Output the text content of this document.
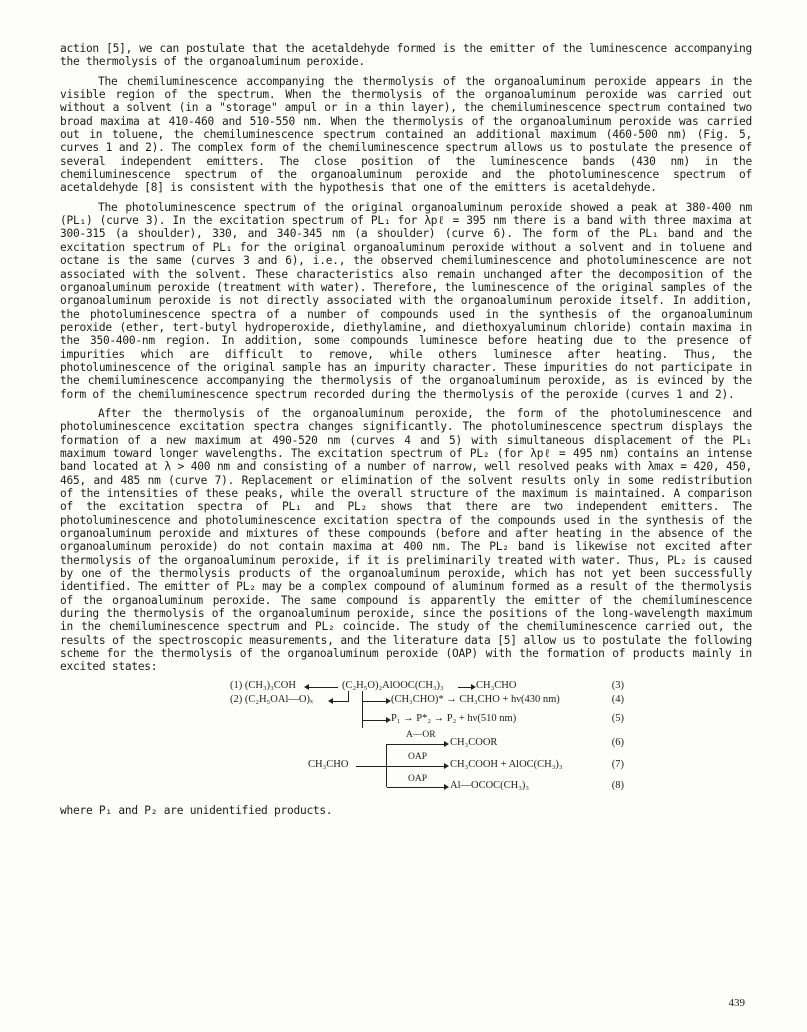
action [5], we can postulate that the acetaldehyde formed is the emitter of the luminescence accompanying the thermolysis of the organoaluminum peroxide.

The chemiluminescence accompanying the thermolysis of the organoaluminum peroxide appears in the visible region of the spectrum. When the thermolysis of the organoaluminum peroxide was carried out without a solvent (in a "storage" ampul or in a thin layer), the chemiluminescence spectrum contained two broad maxima at 410-460 and 510-550 nm. When the thermolysis of the organoaluminum peroxide was carried out in toluene, the chemiluminescence spectrum contained an additional maximum (460-500 nm) (Fig. 5, curves 1 and 2). The complex form of the chemiluminescence spectrum allows us to postulate the presence of several independent emitters. The close position of the luminescence bands (430 nm) in the chemiluminescence spectrum of the organoaluminum peroxide and the photoluminescence spectrum of acetaldehyde [8] is consistent with the hypothesis that one of the emitters is acetaldehyde.

The photoluminescence spectrum of the original organoaluminum peroxide showed a peak at 380-400 nm (PL₁) (curve 3). In the excitation spectrum of PL₁ for λpℓ = 395 nm there is a band with three maxima at 300-315 (a shoulder), 330, and 340-345 nm (a shoulder) (curve 6). The form of the PL₁ band and the excitation spectrum of PL₁ for the original organoaluminum peroxide without a solvent and in toluene and octane is the same (curves 3 and 6), i.e., the observed chemiluminescence and photoluminescence are not associated with the solvent. These characteristics also remain unchanged after the decomposition of the organoaluminum peroxide (treatment with water). Therefore, the luminescence of the original samples of the organoaluminum peroxide is not directly associated with the organoaluminum peroxide itself. In addition, the photoluminescence spectra of a number of compounds used in the synthesis of the organoaluminum peroxide (ether, tert-butyl hydroperoxide, diethylamine, and diethoxyaluminum chloride) contain maxima in the 350-400-nm region. In addition, some compounds luminesce before heating due to the presence of impurities which are difficult to remove, while others luminesce after heating. Thus, the photoluminescence of the original sample has an impurity character. These impurities do not participate in the chemiluminescence accompanying the thermolysis of the organoaluminum peroxide, as is evinced by the form of the chemiluminescence spectrum recorded during the thermolysis of the peroxide (curves 1 and 2).

After the thermolysis of the organoaluminum peroxide, the form of the photoluminescence and photoluminescence excitation spectra changes significantly. The photoluminescence spectrum displays the formation of a new maximum at 490-520 nm (curves 4 and 5) with simultaneous displacement of the PL₁ maximum toward longer wavelengths. The excitation spectrum of PL₂ (for λpℓ = 495 nm) contains an intense band located at λ > 400 nm and consisting of a number of narrow, well resolved peaks with λmax = 420, 450, 465, and 485 nm (curve 7). Replacement or elimination of the solvent results only in some redistribution of the intensities of these peaks, while the overall structure of the maximum is maintained. A comparison of the excitation spectra of PL₁ and PL₂ shows that there are two independent emitters. The photoluminescence and photoluminescence excitation spectra of the compounds used in the synthesis of the organoaluminum peroxide and mixtures of these compounds (before and after heating in the absence of the organoaluminum peroxide) do not contain maxima at 400 nm. The PL₂ band is likewise not excited after thermolysis of the organoaluminum peroxide, if it is preliminarily treated with water. Thus, PL₂ is caused by one of the thermolysis products of the organoaluminum peroxide, which has not yet been successfully identified. The emitter of PL₂ may be a complex compound of aluminum formed as a result of the thermolysis of the organoaluminum peroxide. The same compound is apparently the emitter of the chemiluminescence during the thermolysis of the organoaluminum peroxide, since the positions of the long-wavelength maximum in the chemiluminescence spectrum and PL₂ coincide. The study of the chemiluminescence carried out, the results of the spectroscopic measurements, and the literature data [5] allow us to postulate the following scheme for the thermolysis of the organoaluminum peroxide (OAP) with the formation of products mainly in excited states:

(1) (CH₃)₃COH	(C₂H₅O)₂AlOOC(CH₃)₃	CH₃CHO	(3)
(2) (C₂H₅OAl—O)ₓ	(CH₃CHO)* → CH₃CHO + hν(430 nm)	(4)
P₁ → P*₂ → P₂ + hν(510 nm)	(5)
CH₃CHO
A—OR
CH₃COOR	(6)
OAP
CH₃COOH + AlOC(CH₃)₃	(7)
OAP
Al—OCOC(CH₃)₃	(8)

where P₁ and P₂ are unidentified products.

439
